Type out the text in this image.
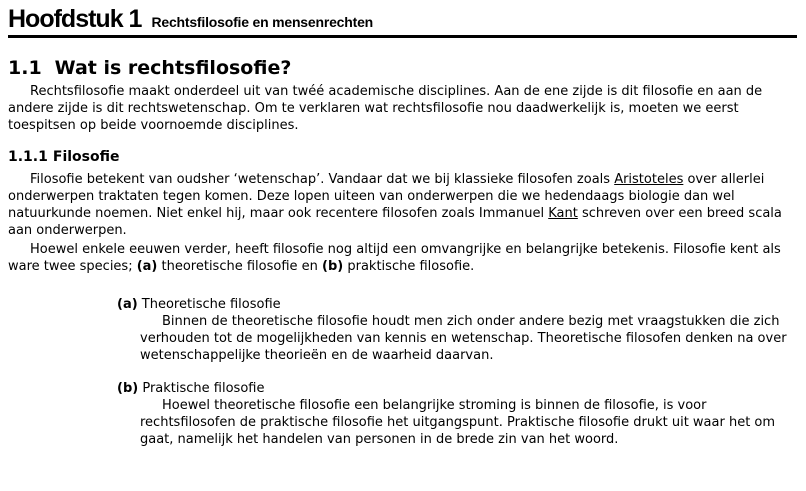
Hoofdstuk 1 Rechtsfilosofie en mensenrechten
1.1 Wat is rechtsfilosofie?
Rechtsfilosofie maakt onderdeel uit van twéé academische disciplines. Aan de ene zijde is dit filosofie en aan de andere zijde is dit rechtswetenschap. Om te verklaren wat rechtsfilosofie nou daadwerkelijk is, moeten we eerst toespitsen op beide voornoemde disciplines.
1.1.1 Filosofie
Filosofie betekent van oudsher ‘wetenschap’. Vandaar dat we bij klassieke filosofen zoals Aristoteles over allerlei onderwerpen traktaten tegen komen. Deze lopen uiteen van onderwerpen die we hedendaags biologie dan wel natuurkunde noemen. Niet enkel hij, maar ook recentere filosofen zoals Immanuel Kant schreven over een breed scala aan onderwerpen.
Hoewel enkele eeuwen verder, heeft filosofie nog altijd een omvangrijke en belangrijke betekenis. Filosofie kent als ware twee species; (a) theoretische filosofie en (b) praktische filosofie.
(a) Theoretische filosofie
Binnen de theoretische filosofie houdt men zich onder andere bezig met vraagstukken die zich verhouden tot de mogelijkheden van kennis en wetenschap. Theoretische filosofen denken na over wetenschappelijke theorieën en de waarheid daarvan.
(b) Praktische filosofie
Hoewel theoretische filosofie een belangrijke stroming is binnen de filosofie, is voor rechtsfilosofen de praktische filosofie het uitgangspunt. Praktische filosofie drukt uit waar het om gaat, namelijk het handelen van personen in de brede zin van het woord.
